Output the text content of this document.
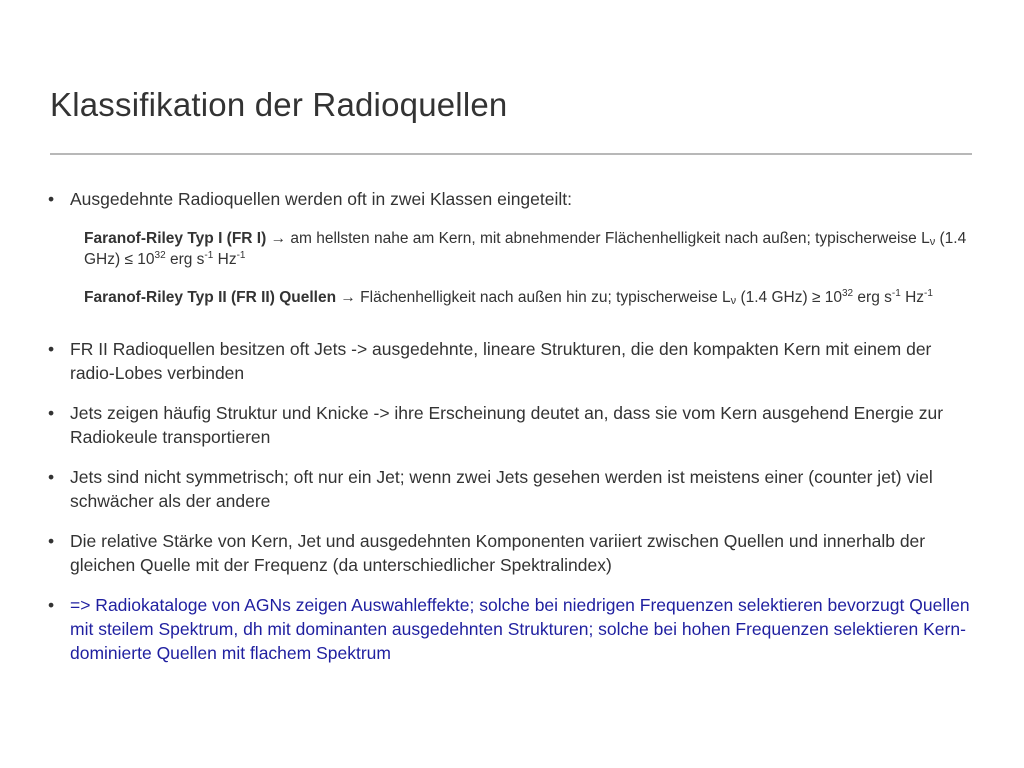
Klassifikation der Radioquellen
• Ausgedehnte Radioquellen werden oft in zwei Klassen eingeteilt:
Faranof-Riley Typ I (FR I) → am hellsten nahe am Kern, mit abnehmender Flächenhelligkeit nach außen; typischerweise Lν (1.4 $GHz) \le 10^{32}$ erg $s^{-1}$ $Hz^{-1}$
Faranof-Riley Typ II (FR II) Quellen → Flächenhelligkeit nach außen hin zu; typischerweise Lν (1.4 $GHz) \ge 10^{32}$ erg $s^{-1}$ $Hz^{-1}$
• FR II Radioquellen besitzen oft Jets -> ausgedehnte, lineare Strukturen, die den kompakten Kern mit einem der radio-Lobes verbinden
• Jets zeigen häufig Struktur und Knicke -> ihre Erscheinung deutet an, dass sie vom Kern ausgehend Energie zur Radiokeule transportieren
• Jets sind nicht symmetrisch; oft nur ein Jet; wenn zwei Jets gesehen werden ist meistens einer (counter jet) viel schwächer als der andere
• Die relative Stärke von Kern, Jet und ausgedehnten Komponenten variiert zwischen Quellen und innerhalb der gleichen Quelle mit der Frequenz (da unterschiedlicher Spektralindex)
• => Radiokataloge von AGNs zeigen Auswahleffekte; solche bei niedrigen Frequenzen selektieren bevorzugt Quellen mit steilem Spektrum, dh mit dominanten ausgedehnten Strukturen; solche bei hohen Frequenzen selektieren Kern-dominierte Quellen mit flachem Spektrum
